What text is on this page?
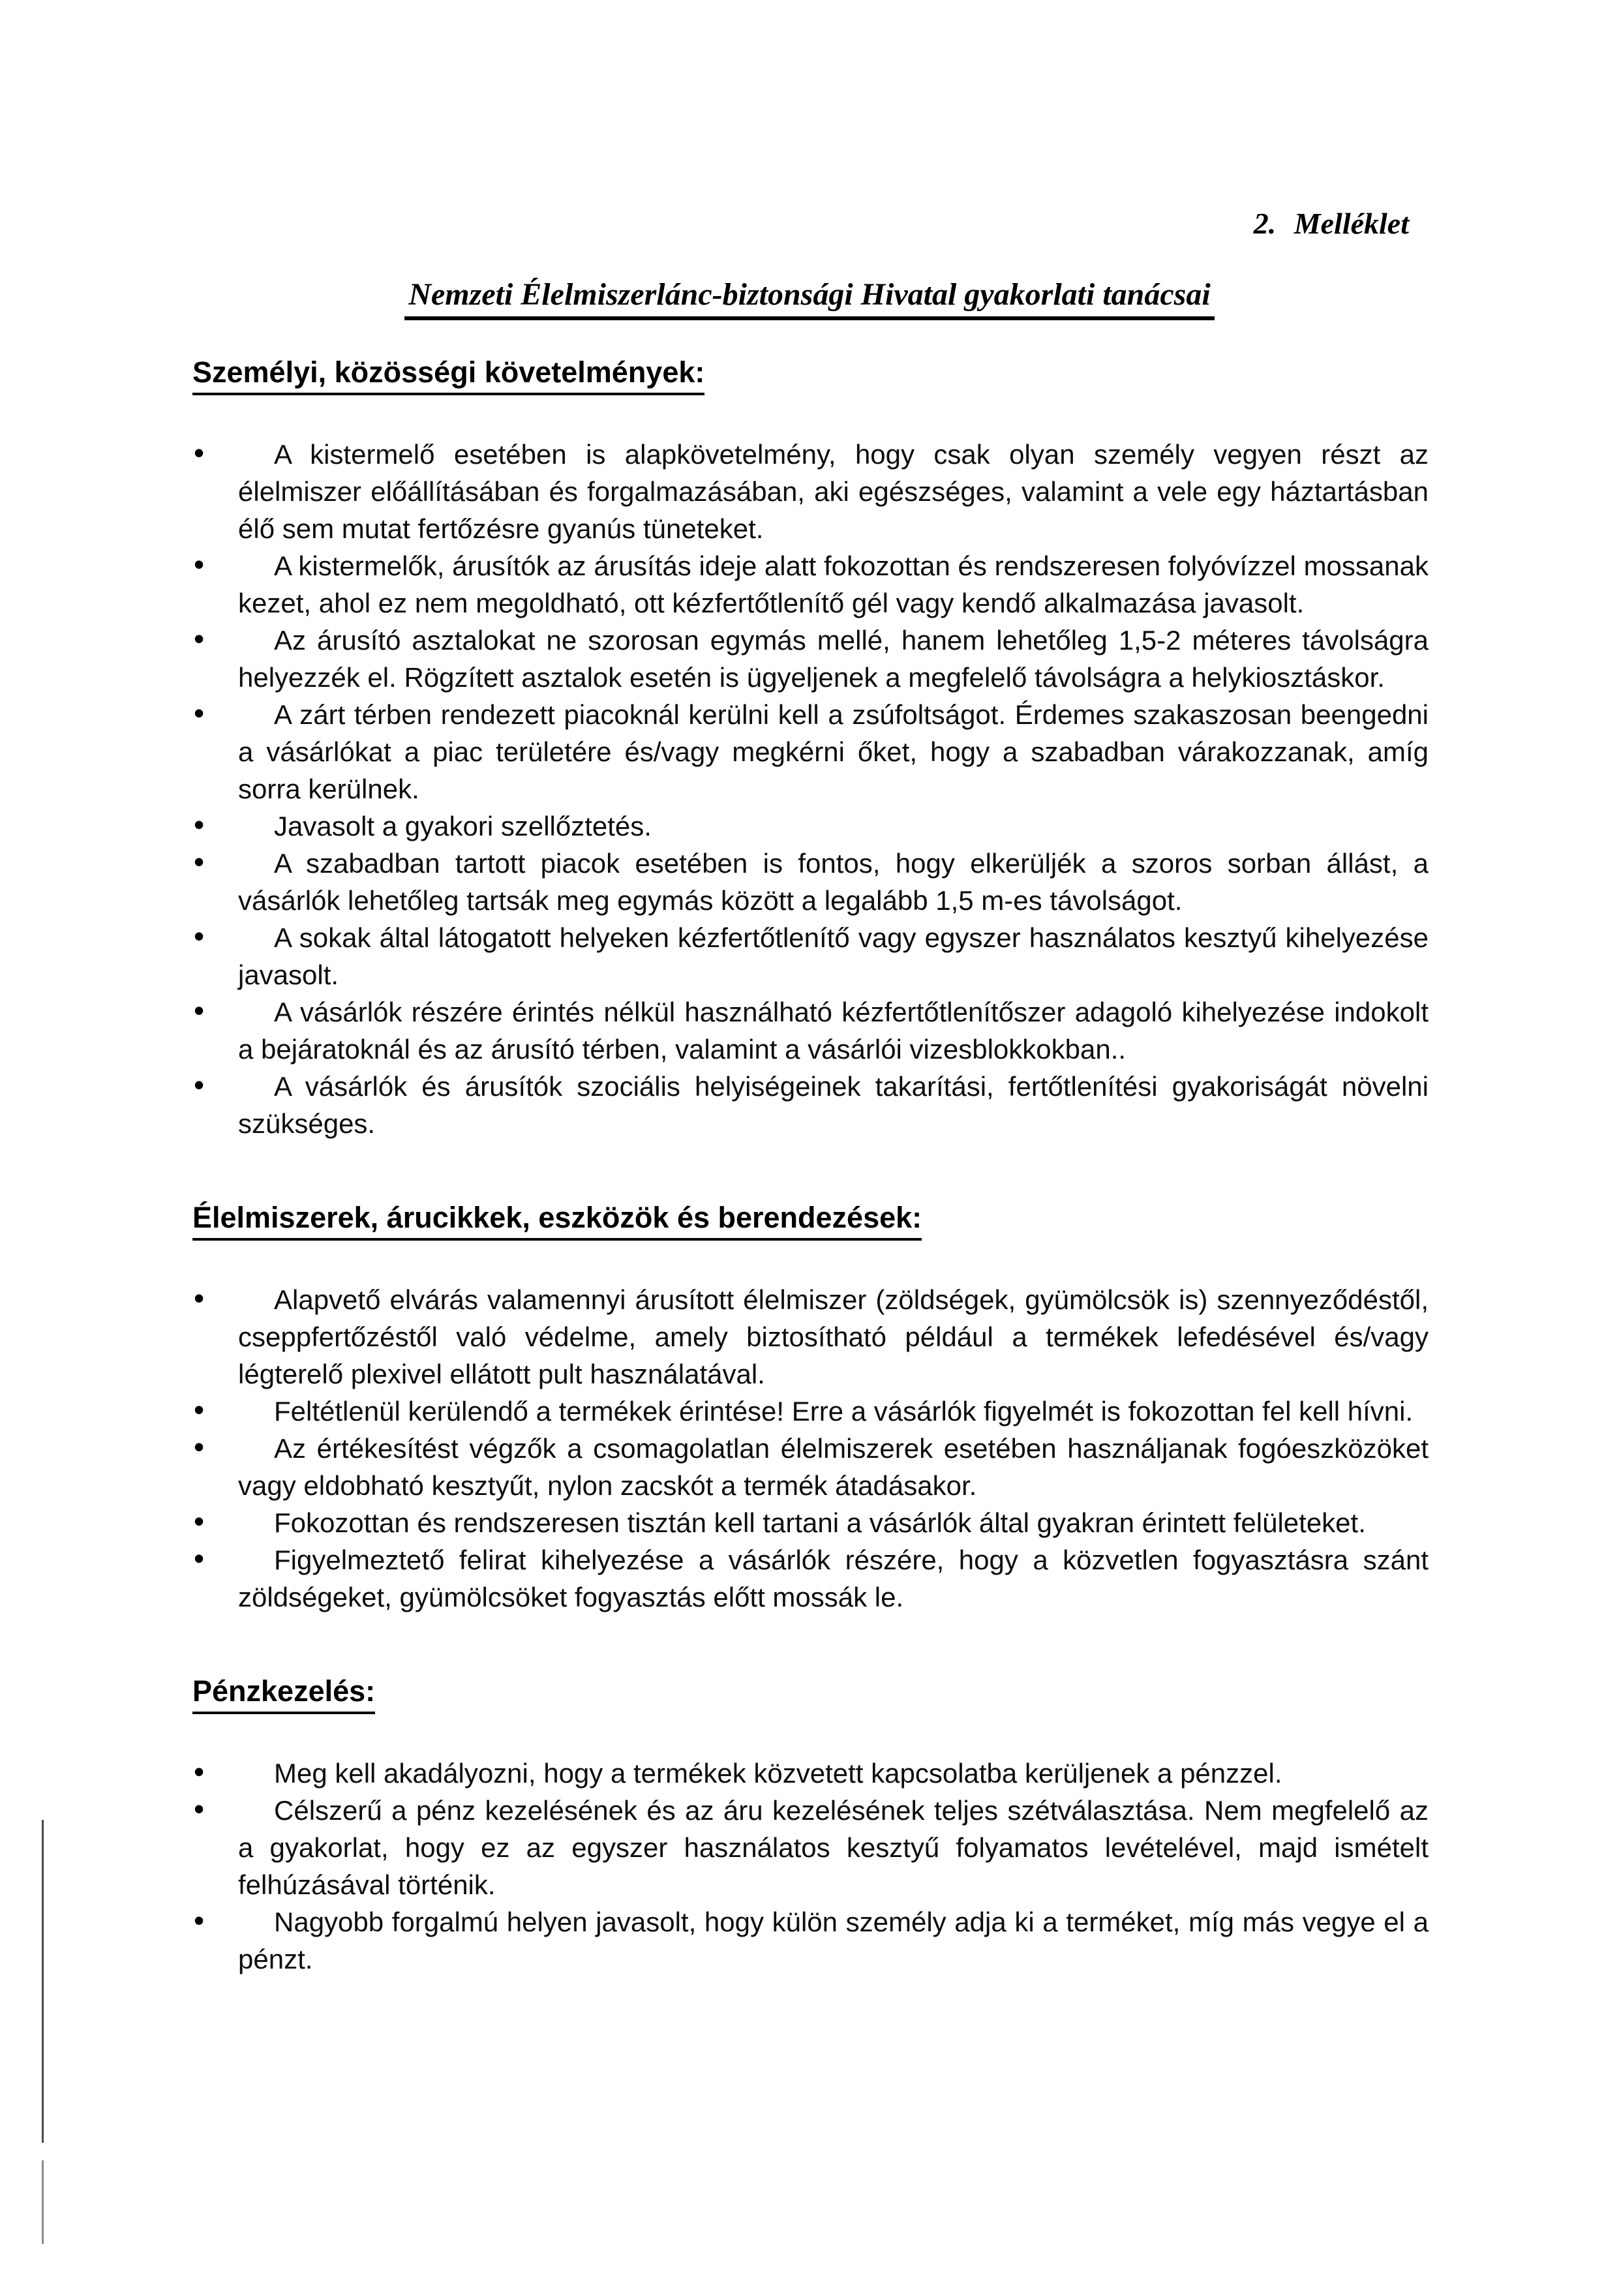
2. Melléklet
Nemzeti Élelmiszerlánc-biztonsági Hivatal gyakorlati tanácsai
Személyi, közösségi követelmények:
•	A kistermelő esetében is alapkövetelmény, hogy csak olyan személy vegyen részt az élelmiszer előállításában és forgalmazásában, aki egészséges, valamint a vele egy háztartásban élő sem mutat fertőzésre gyanús tüneteket.
•	A kistermelők, árusítók az árusítás ideje alatt fokozottan és rendszeresen folyóvízzel mossanak kezet, ahol ez nem megoldható, ott kézfertőtlenítő gél vagy kendő alkalmazása javasolt.
•	Az árusító asztalokat ne szorosan egymás mellé, hanem lehetőleg 1,5-2 méteres távolságra helyezzék el. Rögzített asztalok esetén is ügyeljenek a megfelelő távolságra a helykiosztáskor.
•	A zárt térben rendezett piacoknál kerülni kell a zsúfoltságot. Érdemes szakaszosan beengedni a vásárlókat a piac területére és/vagy megkérni őket, hogy a szabadban várakozzanak, amíg sorra kerülnek.
•	Javasolt a gyakori szellőztetés.
•	A szabadban tartott piacok esetében is fontos, hogy elkerüljék a szoros sorban állást, a vásárlók lehetőleg tartsák meg egymás között a legalább 1,5 m-es távolságot.
•	A sokak által látogatott helyeken kézfertőtlenítő vagy egyszer használatos kesztyű kihelyezése javasolt.
•	A vásárlók részére érintés nélkül használható kézfertőtlenítőszer adagoló kihelyezése indokolt a bejáratoknál és az árusító térben, valamint a vásárlói vizesblokkokban..
•	A vásárlók és árusítók szociális helyiségeinek takarítási, fertőtlenítési gyakoriságát növelni szükséges.
Élelmiszerek, árucikkek, eszközök és berendezések:
•	Alapvető elvárás valamennyi árusított élelmiszer (zöldségek, gyümölcsök is) szennyeződéstől, cseppfertőzéstől való védelme, amely biztosítható például a termékek lefedésével és/vagy légterelő plexivel ellátott pult használatával.
•	Feltétlenül kerülendő a termékek érintése! Erre a vásárlók figyelmét is fokozottan fel kell hívni.
•	Az értékesítést végzők a csomagolatlan élelmiszerek esetében használjanak fogóeszközöket vagy eldobható kesztyűt, nylon zacskót a termék átadásakor.
•	Fokozottan és rendszeresen tisztán kell tartani a vásárlók által gyakran érintett felületeket.
•	Figyelmeztető felirat kihelyezése a vásárlók részére, hogy a közvetlen fogyasztásra szánt zöldségeket, gyümölcsöket fogyasztás előtt mossák le.
Pénzkezelés:
•	Meg kell akadályozni, hogy a termékek közvetett kapcsolatba kerüljenek a pénzzel.
•	Célszerű a pénz kezelésének és az áru kezelésének teljes szétválasztása. Nem megfelelő az a gyakorlat, hogy ez az egyszer használatos kesztyű folyamatos levételével, majd ismételt felhúzásával történik.
•	Nagyobb forgalmú helyen javasolt, hogy külön személy adja ki a terméket, míg más vegye el a pénzt.
